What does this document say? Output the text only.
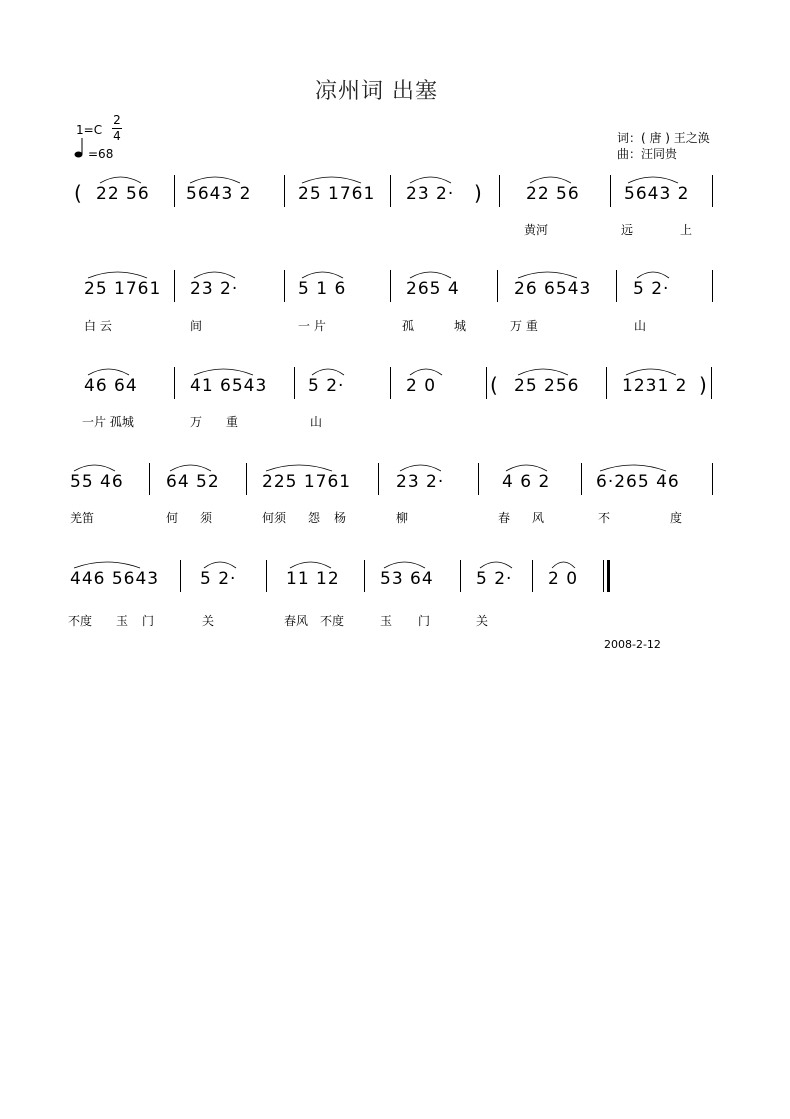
凉州词 出塞
1=C
2
4
=68
词：( 唐 ) 王之涣
曲：汪同贵
(	)
22 56 5643 2	25 1761 23 2·	22 56	5643 2
黄河	远	上
25 1761 23 2·	5 1 6	265 4	26 6543 5 2·
白 云	间	一 片	孤	城	万 重	山
(	)
46 64	41 6543 5 2·	2 0	25 256	1231 2
一片 孤城	万 重	山
55 46 64 52 225 1761	23 2·	4 6 2	6·265 46
羌笛	何 须	何须 怨 杨	柳	春 风	不	度
446 5643 5 2·	11 12 53 64 5 2· 2 0
不度 玉 门	关	春风 不度	玉 门	关
2008-2-12
